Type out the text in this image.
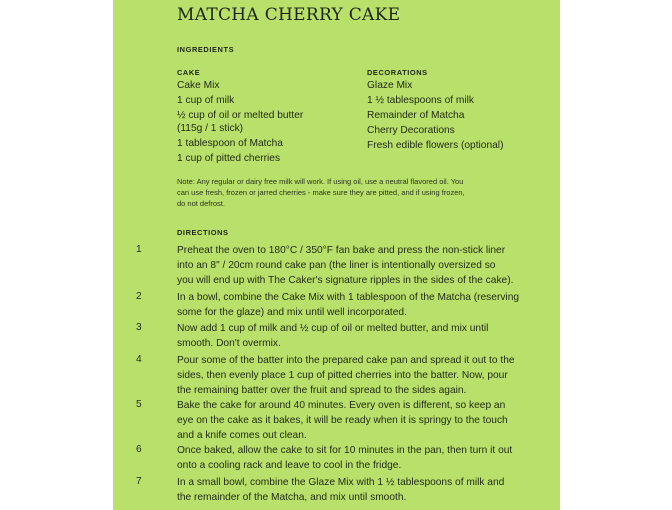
MATCHA CHERRY CAKE
INGREDIENTS
CAKE
Cake Mix
1 cup of milk
½ cup of oil or melted butter
(115g / 1 stick)
1 tablespoon of Matcha
1 cup of pitted cherries
DECORATIONS
Glaze Mix
1 ½ tablespoons of milk
Remainder of Matcha
Cherry Decorations
Fresh edible flowers (optional)
Note: Any regular or dairy free milk will work. If using oil, use a neutral flavored oil. You
can use fresh, frozen or jarred cherries - make sure they are pitted, and if using frozen,
do not defrost.
DIRECTIONS
1	Preheat the oven to 180°C / 350°F fan bake and press the non-stick liner
into an 8" / 20cm round cake pan (the liner is intentionally oversized so
you will end up with The Caker's signature ripples in the sides of the cake).
2	In a bowl, combine the Cake Mix with 1 tablespoon of the Matcha (reserving
some for the glaze) and mix until well incorporated.
3	Now add 1 cup of milk and ½ cup of oil or melted butter, and mix until
smooth. Don't overmix.
4	Pour some of the batter into the prepared cake pan and spread it out to the
sides, then evenly place 1 cup of pitted cherries into the batter. Now, pour
the remaining batter over the fruit and spread to the sides again.
5	Bake the cake for around 40 minutes. Every oven is different, so keep an
eye on the cake as it bakes, it will be ready when it is springy to the touch
and a knife comes out clean.
6	Once baked, allow the cake to sit for 10 minutes in the pan, then turn it out
onto a cooling rack and leave to cool in the fridge.
7	In a small bowl, combine the Glaze Mix with 1 ½ tablespoons of milk and
the remainder of the Matcha, and mix until smooth.
